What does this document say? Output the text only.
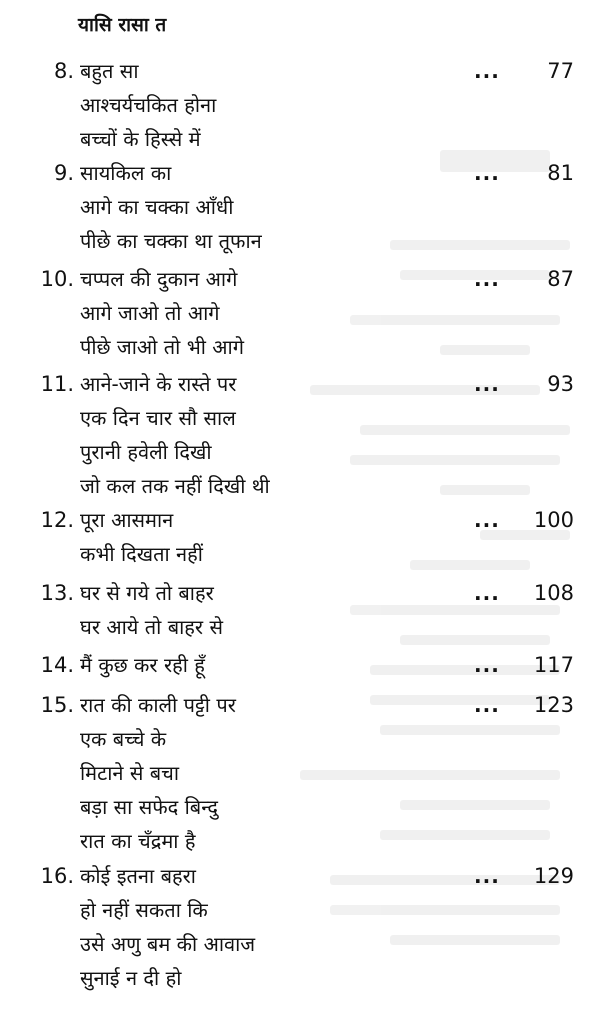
यासि रासा त
8. बहुत सा
आश्चर्यचकित होना
बच्चों के हिस्से में
... 77
9. सायकिल का
आगे का चक्का आँधी
पीछे का चक्का था तूफान
... 81
10. चप्पल की दुकान आगे
आगे जाओ तो आगे
पीछे जाओ तो भी आगे
... 87
11. आने-जाने के रास्ते पर
एक दिन चार सौ साल
पुरानी हवेली दिखी
जो कल तक नहीं दिखी थी
... 93
12. पूरा आसमान
कभी दिखता नहीं
... 100
13. घर से गये तो बाहर
घर आये तो बाहर से
... 108
14. मैं कुछ कर रही हूँ	... 117
15. रात की काली पट्टी पर
एक बच्चे के
मिटाने से बचा
बड़ा सा सफेद बिन्दु
रात का चँद्रमा है
... 123
16. कोई इतना बहरा
हो नहीं सकता कि
उसे अणु बम की आवाज
सुनाई न दी हो
... 129
